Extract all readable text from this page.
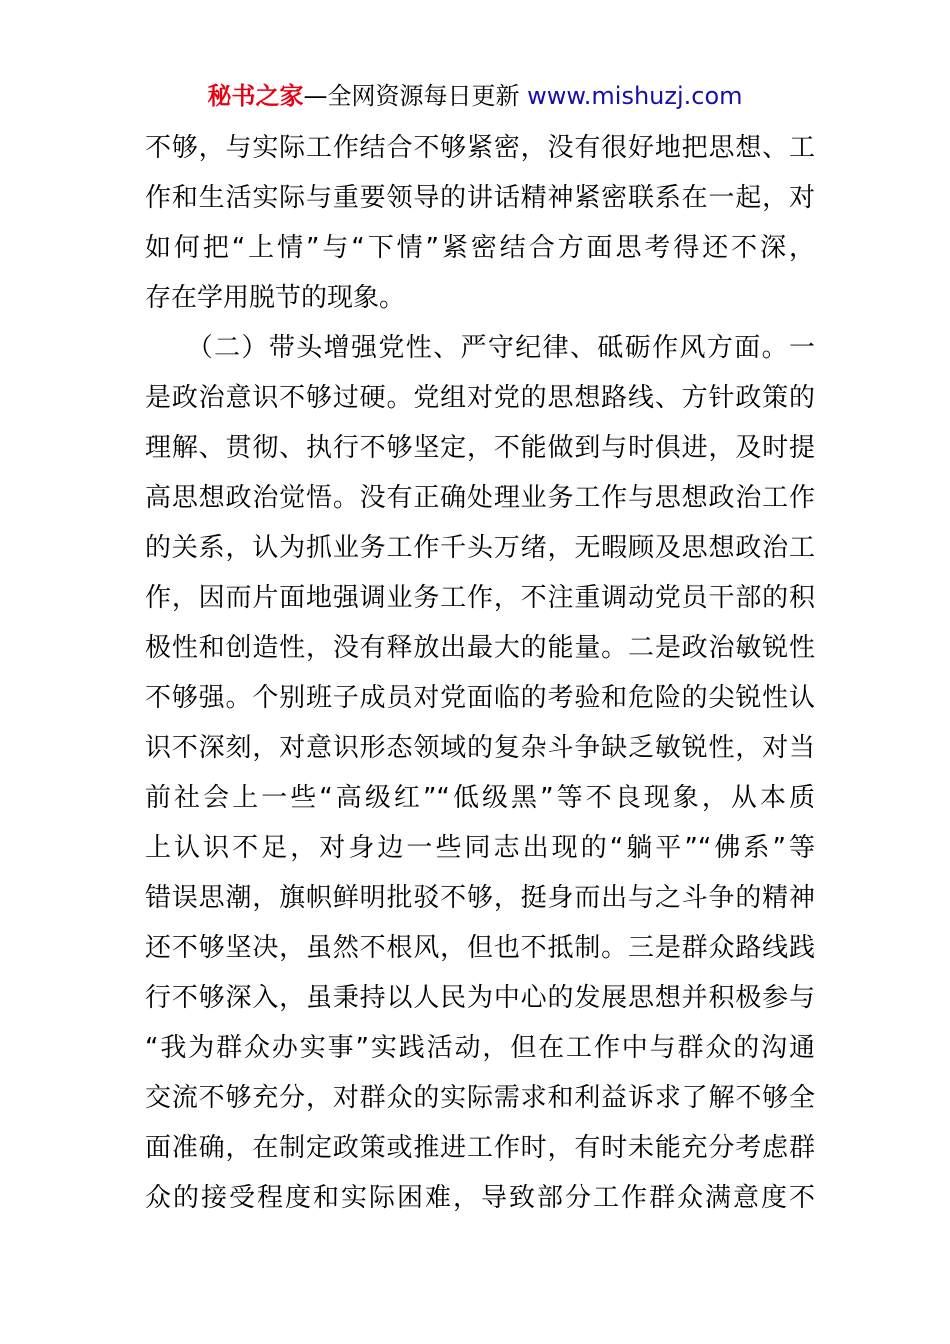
秘书之家—全网资源每日更新 www.mishuzj.com
不够，与实际工作结合不够紧密，没有很好地把思想、工
作和生活实际与重要领导的讲话精神紧密联系在一起，对
如何把“上情”与“下情”紧密结合方面思考得还不深，
存在学用脱节的现象。
　　（二）带头增强党性、严守纪律、砥砺作风方面。一
是政治意识不够过硬。党组对党的思想路线、方针政策的
理解、贯彻、执行不够坚定，不能做到与时俱进，及时提
高思想政治觉悟。没有正确处理业务工作与思想政治工作
的关系，认为抓业务工作千头万绪，无暇顾及思想政治工
作，因而片面地强调业务工作，不注重调动党员干部的积
极性和创造性，没有释放出最大的能量。二是政治敏锐性
不够强。个别班子成员对党面临的考验和危险的尖锐性认
识不深刻，对意识形态领域的复杂斗争缺乏敏锐性，对当
前社会上一些“高级红”“低级黑”等不良现象，从本质
上认识不足，对身边一些同志出现的“躺平”“佛系”等
错误思潮，旗帜鲜明批驳不够，挺身而出与之斗争的精神
还不够坚决，虽然不根风，但也不抵制。三是群众路线践
行不够深入，虽秉持以人民为中心的发展思想并积极参与
“我为群众办实事”实践活动，但在工作中与群众的沟通
交流不够充分，对群众的实际需求和利益诉求了解不够全
面准确，在制定政策或推进工作时，有时未能充分考虑群
众的接受程度和实际困难，导致部分工作群众满意度不
